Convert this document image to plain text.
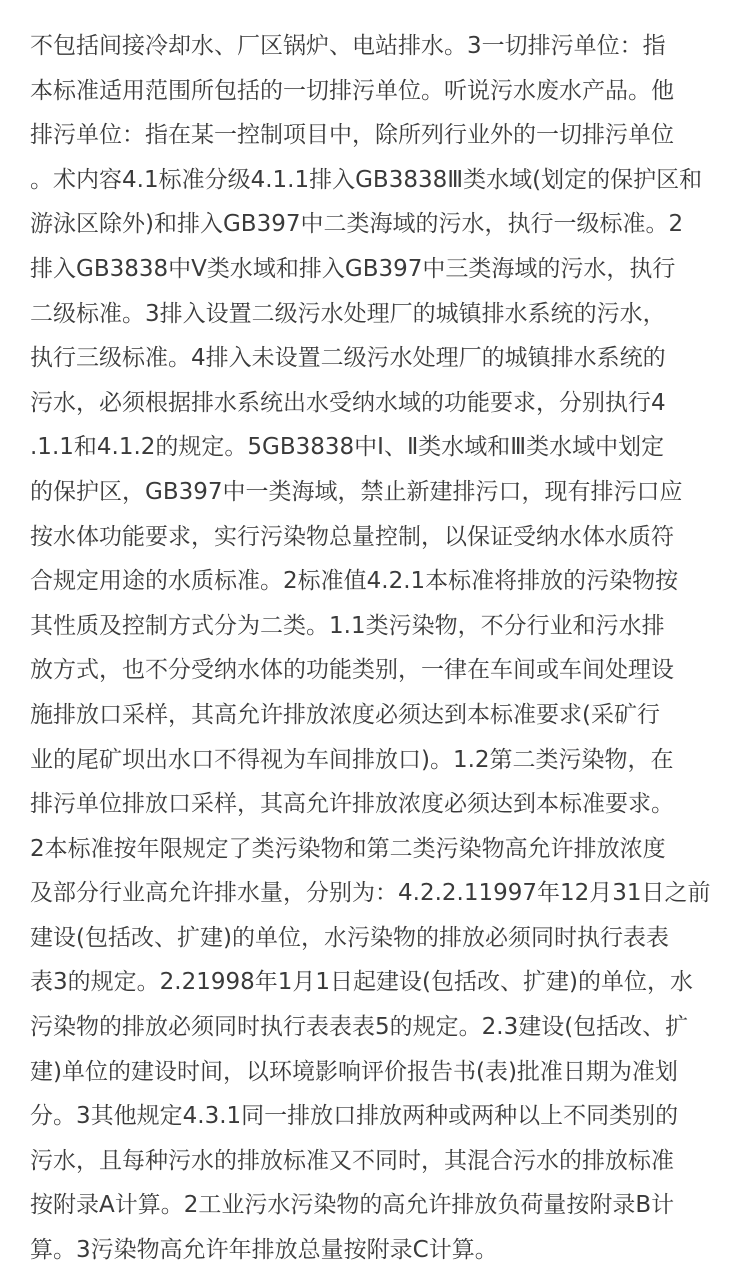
不包括间接冷却水、厂区锅炉、电站排水。3一切排污单位：指
本标准适用范围所包括的一切排污单位。听说污水废水产品。他
排污单位：指在某一控制项目中，除所列行业外的一切排污单位
。术内容4.1标准分级4.1.1排入GB3838Ⅲ类水域(划定的保护区和
游泳区除外)和排入GB397中二类海域的污水，执行一级标准。2
排入GB3838中Ⅴ类水域和排入GB397中三类海域的污水，执行
二级标准。3排入设置二级污水处理厂的城镇排水系统的污水，
执行三级标准。4排入未设置二级污水处理厂的城镇排水系统的
污水，必须根据排水系统出水受纳水域的功能要求，分别执行4
.1.1和4.1.2的规定。5GB3838中Ⅰ、Ⅱ类水域和Ⅲ类水域中划定
的保护区，GB397中一类海域，禁止新建排污口，现有排污口应
按水体功能要求，实行污染物总量控制，以保证受纳水体水质符
合规定用途的水质标准。2标准值4.2.1本标准将排放的污染物按
其性质及控制方式分为二类。1.1类污染物，不分行业和污水排
放方式，也不分受纳水体的功能类别，一律在车间或车间处理设
施排放口采样，其高允许排放浓度必须达到本标准要求(采矿行
业的尾矿坝出水口不得视为车间排放口)。1.2第二类污染物，在
排污单位排放口采样，其高允许排放浓度必须达到本标准要求。
2本标准按年限规定了类污染物和第二类污染物高允许排放浓度
及部分行业高允许排水量，分别为：4.2.2.11997年12月31日之前
建设(包括改、扩建)的单位，水污染物的排放必须同时执行表表
表3的规定。2.21998年1月1日起建设(包括改、扩建)的单位，水
污染物的排放必须同时执行表表表5的规定。2.3建设(包括改、扩
建)单位的建设时间，以环境影响评价报告书(表)批准日期为准划
分。3其他规定4.3.1同一排放口排放两种或两种以上不同类别的
污水，且每种污水的排放标准又不同时，其混合污水的排放标准
按附录A计算。2工业污水污染物的高允许排放负荷量按附录B计
算。3污染物高允许年排放总量按附录C计算。
